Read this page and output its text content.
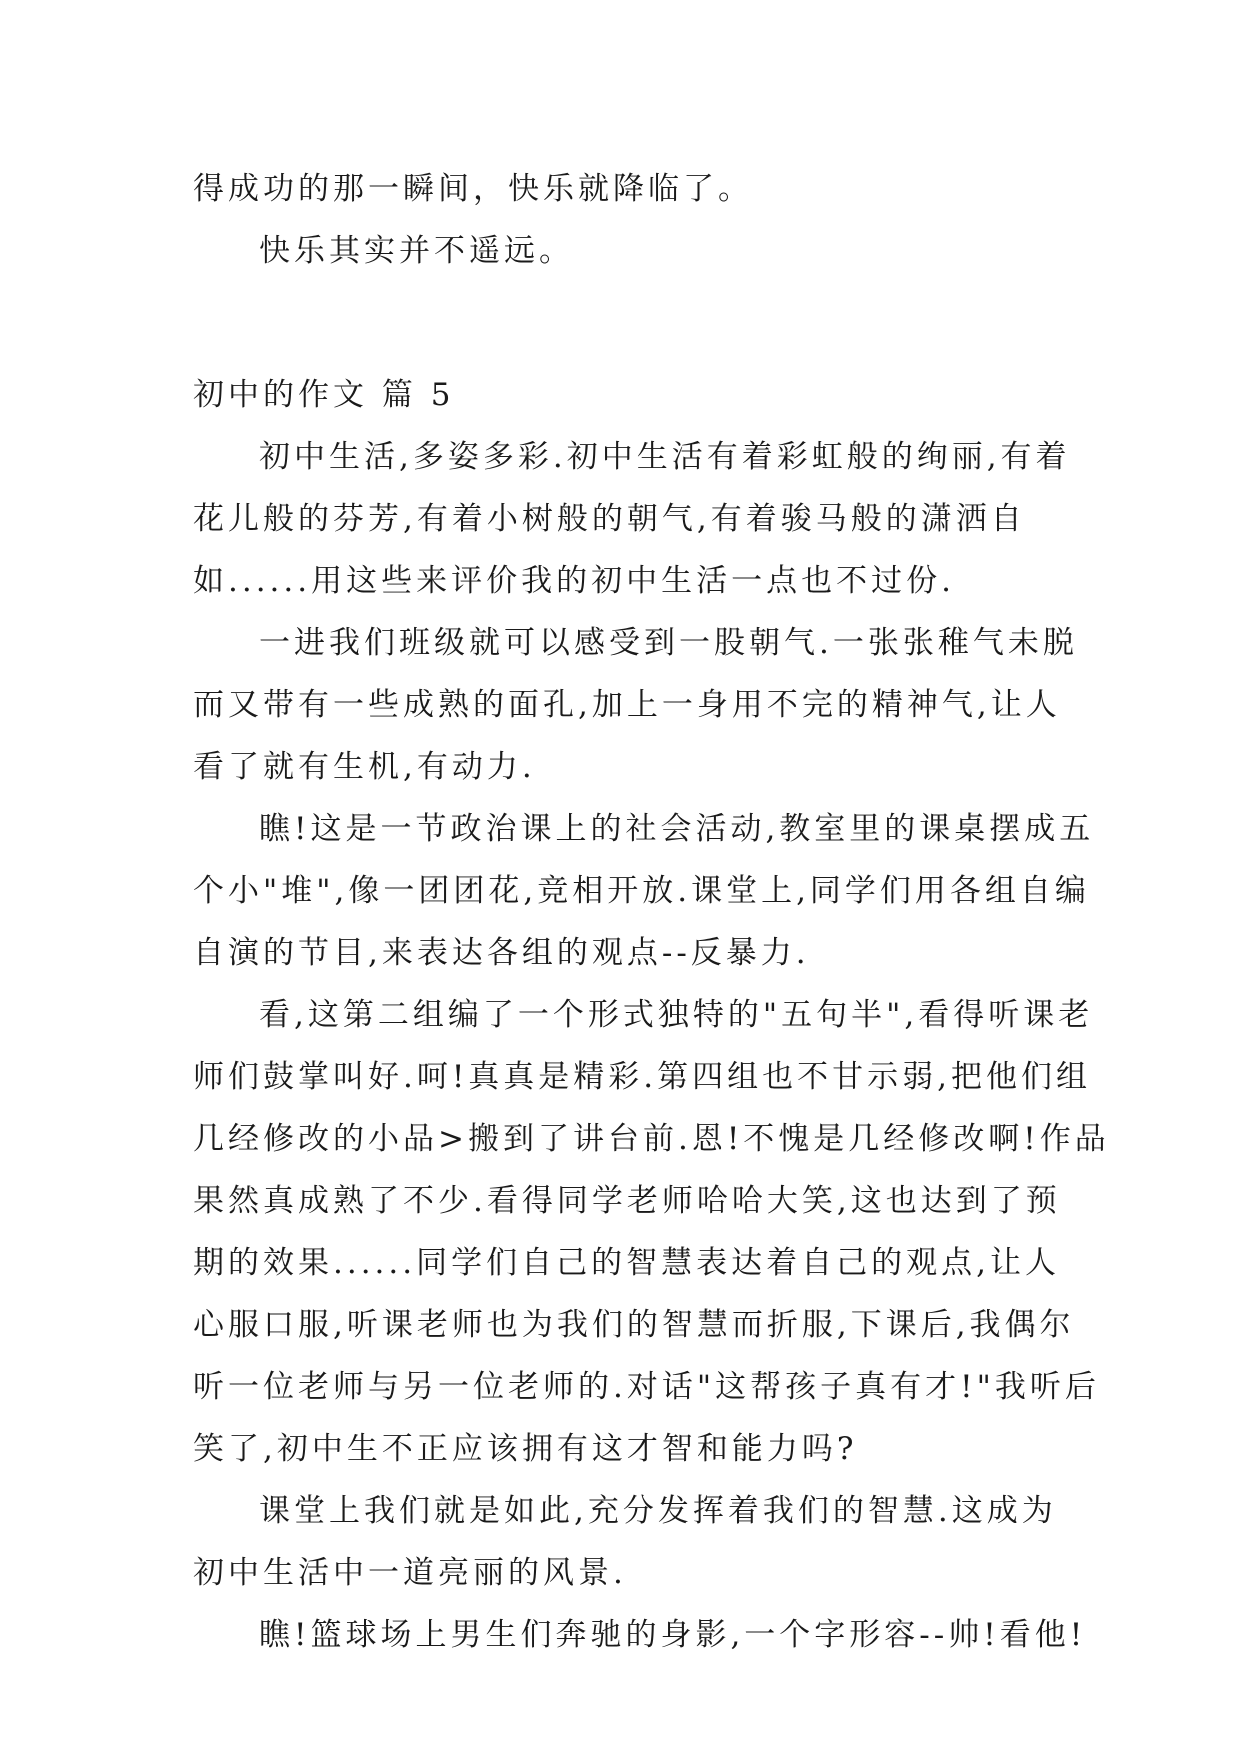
得成功的那一瞬间，快乐就降临了。

快乐其实并不遥远。

初中的作文 篇 5

初中生活,多姿多彩.初中生活有着彩虹般的绚丽,有着

花儿般的芬芳,有着小树般的朝气,有着骏马般的潇洒自

如......用这些来评价我的初中生活一点也不过份.

一进我们班级就可以感受到一股朝气.一张张稚气未脱

而又带有一些成熟的面孔,加上一身用不完的精神气,让人

看了就有生机,有动力.

瞧!这是一节政治课上的社会活动,教室里的课桌摆成五

个小"堆",像一团团花,竞相开放.课堂上,同学们用各组自编

自演的节目,来表达各组的观点--反暴力.

看,这第二组编了一个形式独特的"五句半",看得听课老

师们鼓掌叫好.呵!真真是精彩.第四组也不甘示弱,把他们组

几经修改的小品>搬到了讲台前.恩!不愧是几经修改啊!作品

果然真成熟了不少.看得同学老师哈哈大笑,这也达到了预

期的效果......同学们自己的智慧表达着自己的观点,让人

心服口服,听课老师也为我们的智慧而折服,下课后,我偶尔

听一位老师与另一位老师的.对话"这帮孩子真有才!"我听后

笑了,初中生不正应该拥有这才智和能力吗?

课堂上我们就是如此,充分发挥着我们的智慧.这成为

初中生活中一道亮丽的风景.

瞧!篮球场上男生们奔驰的身影,一个字形容--帅!看他!
